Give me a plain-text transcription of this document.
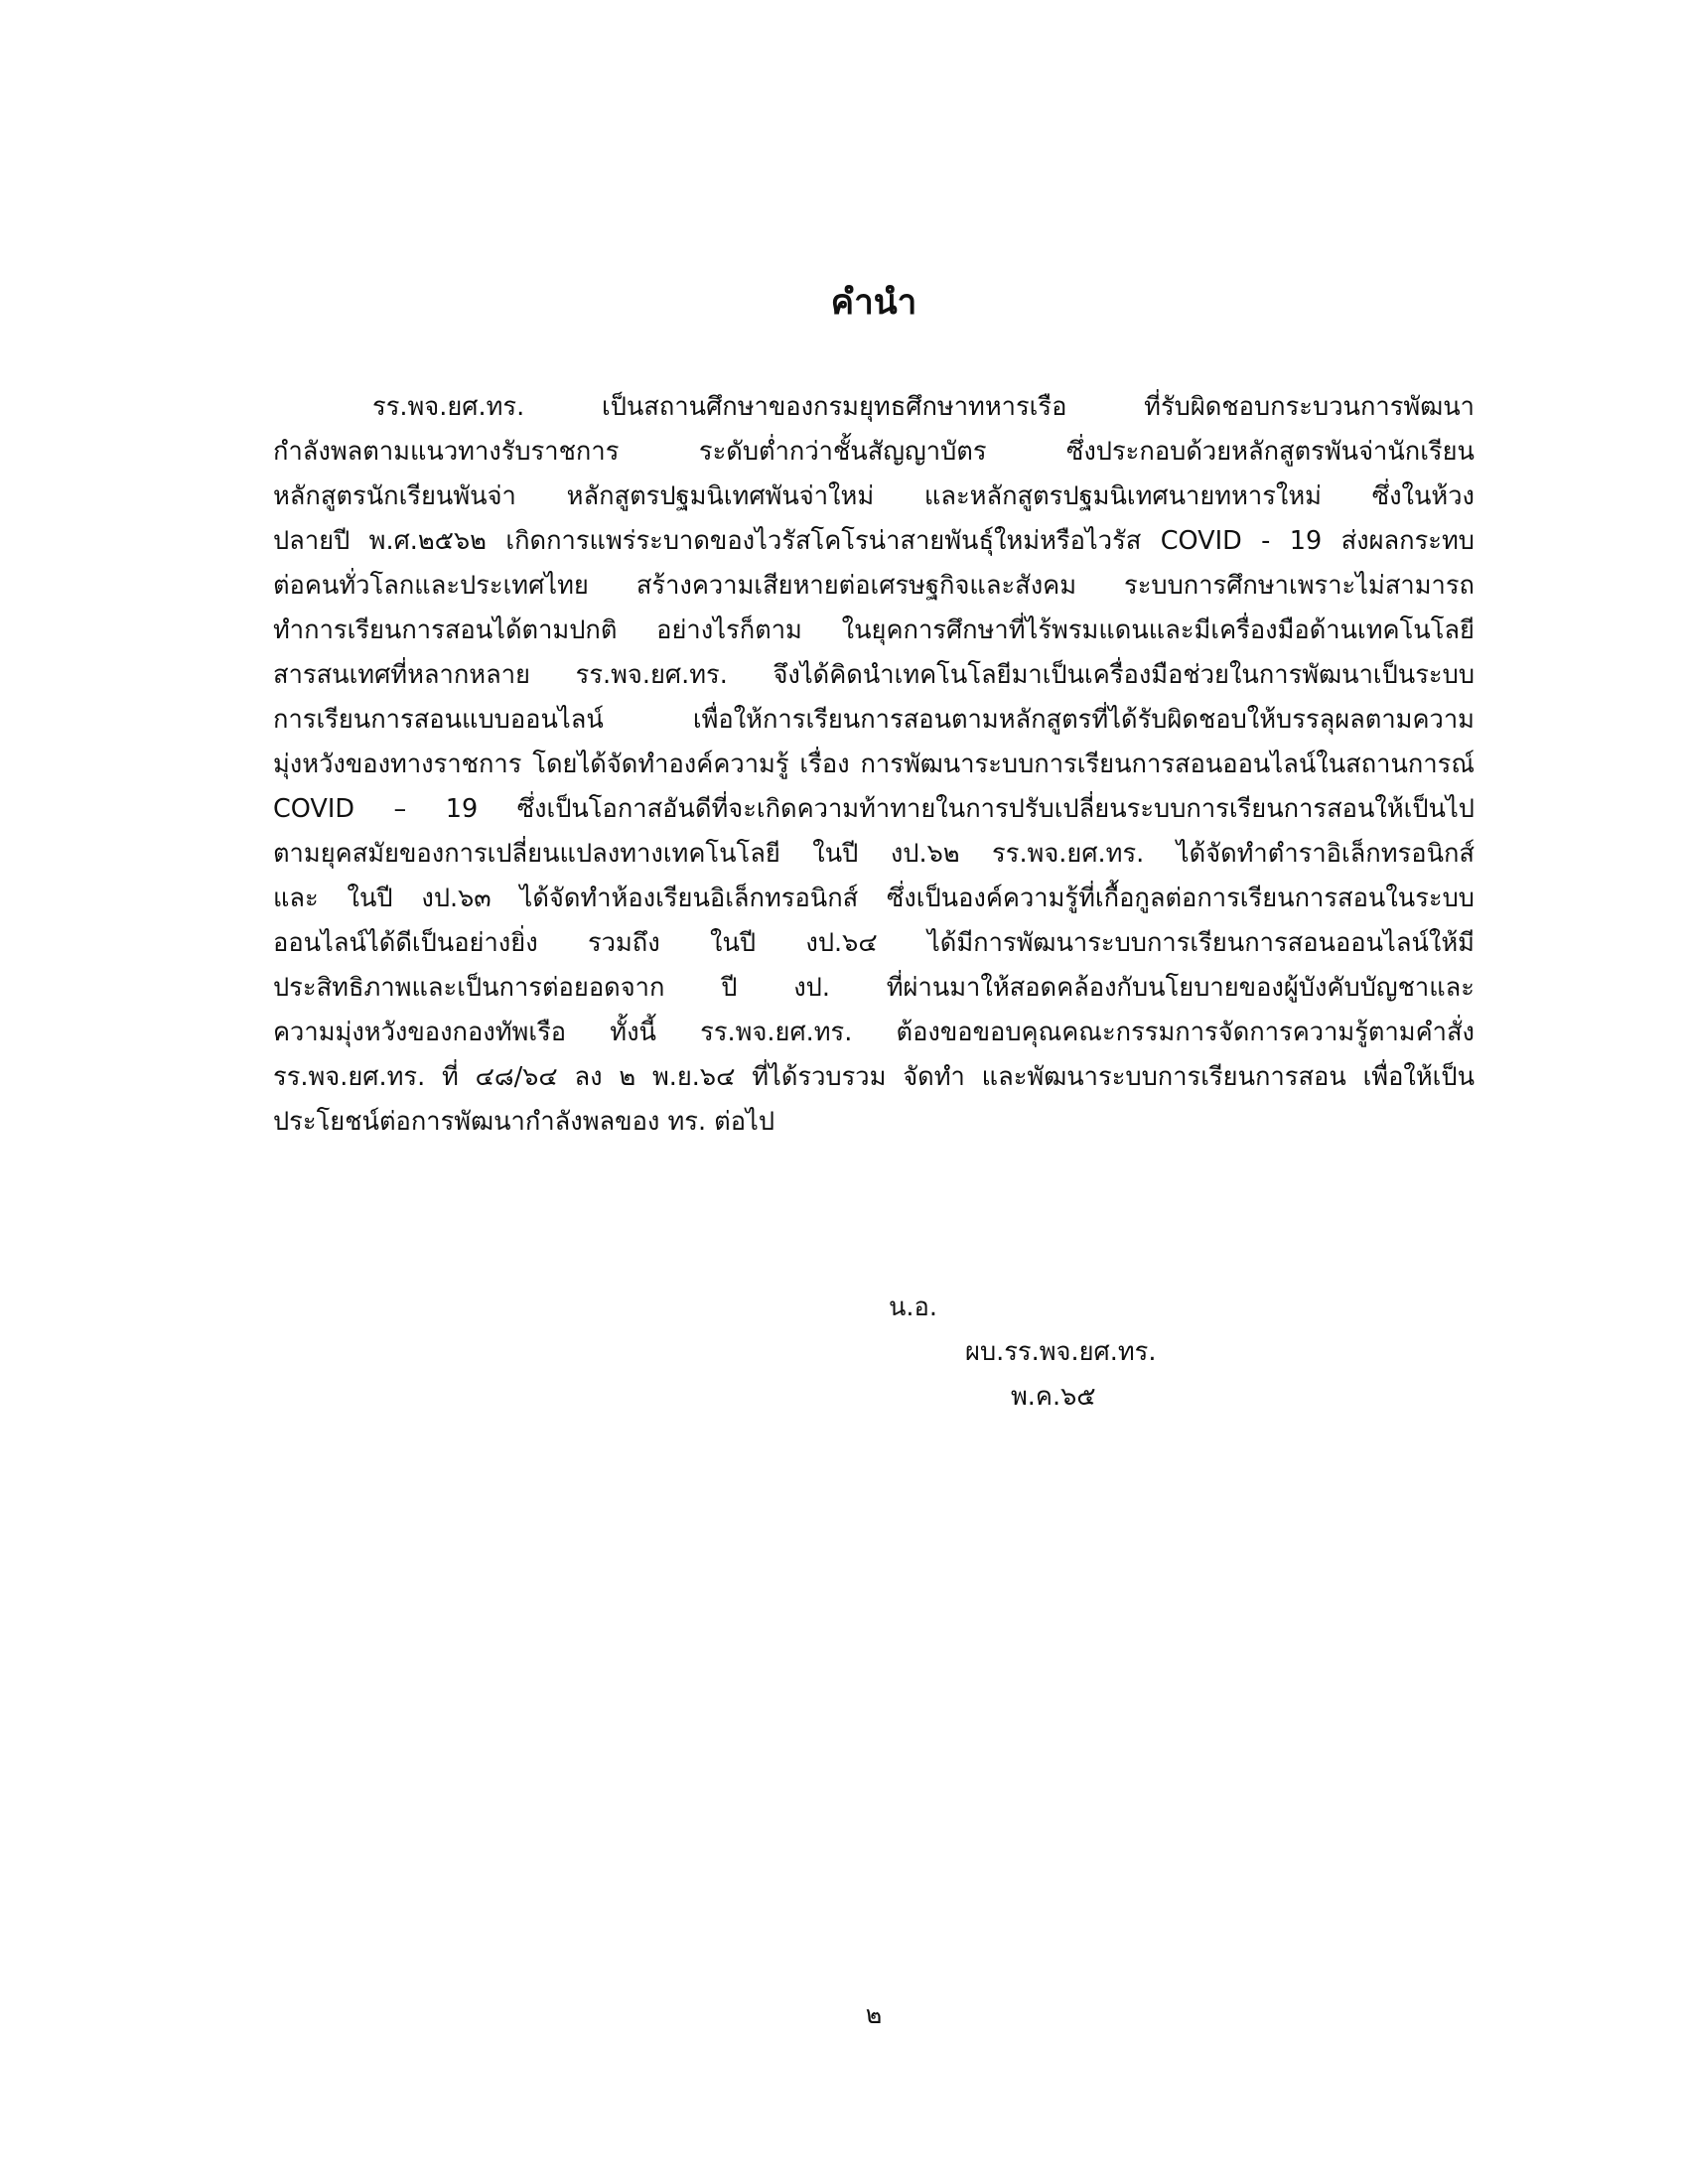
คำนำ
รร.พจ.ยศ.ทร. เป็นสถานศึกษาของกรมยุทธศึกษาทหารเรือ ที่รับผิดชอบกระบวนการพัฒนา
กำลังพลตามแนวทางรับราชการ ระดับต่ำกว่าชั้นสัญญาบัตร ซึ่งประกอบด้วยหลักสูตรพันจ่านักเรียน
หลักสูตรนักเรียนพันจ่า หลักสูตรปฐมนิเทศพันจ่าใหม่ และหลักสูตรปฐมนิเทศนายทหารใหม่ ซึ่งในห้วง
ปลายปี พ.ศ.๒๕๖๒ เกิดการแพร่ระบาดของไวรัสโคโรน่าสายพันธุ์ใหม่หรือไวรัส COVID - 19 ส่งผลกระทบ
ต่อคนทั่วโลกและประเทศไทย สร้างความเสียหายต่อเศรษฐกิจและสังคม ระบบการศึกษาเพราะไม่สามารถ
ทำการเรียนการสอนได้ตามปกติ อย่างไรก็ตาม ในยุคการศึกษาที่ไร้พรมแดนและมีเครื่องมือด้านเทคโนโลยี
สารสนเทศที่หลากหลาย รร.พจ.ยศ.ทร. จึงได้คิดนำเทคโนโลยีมาเป็นเครื่องมือช่วยในการพัฒนาเป็นระบบ
การเรียนการสอนแบบออนไลน์ เพื่อให้การเรียนการสอนตามหลักสูตรที่ได้รับผิดชอบให้บรรลุผลตามความ
มุ่งหวังของทางราชการ โดยได้จัดทำองค์ความรู้ เรื่อง การพัฒนาระบบการเรียนการสอนออนไลน์ในสถานการณ์
COVID – 19 ซึ่งเป็นโอกาสอันดีที่จะเกิดความท้าทายในการปรับเปลี่ยนระบบการเรียนการสอนให้เป็นไป
ตามยุคสมัยของการเปลี่ยนแปลงทางเทคโนโลยี ในปี งป.๖๒ รร.พจ.ยศ.ทร. ได้จัดทำตำราอิเล็กทรอนิกส์
และ ในปี งป.๖๓ ได้จัดทำห้องเรียนอิเล็กทรอนิกส์ ซึ่งเป็นองค์ความรู้ที่เกื้อกูลต่อการเรียนการสอนในระบบ
ออนไลน์ได้ดีเป็นอย่างยิ่ง รวมถึง ในปี งป.๖๔ ได้มีการพัฒนาระบบการเรียนการสอนออนไลน์ให้มี
ประสิทธิภาพและเป็นการต่อยอดจาก ปี งป. ที่ผ่านมาให้สอดคล้องกับนโยบายของผู้บังคับบัญชาและ
ความมุ่งหวังของกองทัพเรือ ทั้งนี้ รร.พจ.ยศ.ทร. ต้องขอขอบคุณคณะกรรมการจัดการความรู้ตามคำสั่ง
รร.พจ.ยศ.ทร. ที่ ๔๘/๖๔ ลง ๒ พ.ย.๖๔ ที่ได้รวบรวม จัดทำ และพัฒนาระบบการเรียนการสอน เพื่อให้เป็น
ประโยชน์ต่อการพัฒนากำลังพลของ ทร. ต่อไป
น.อ.
ผบ.รร.พจ.ยศ.ทร.
พ.ค.๖๕
๒
